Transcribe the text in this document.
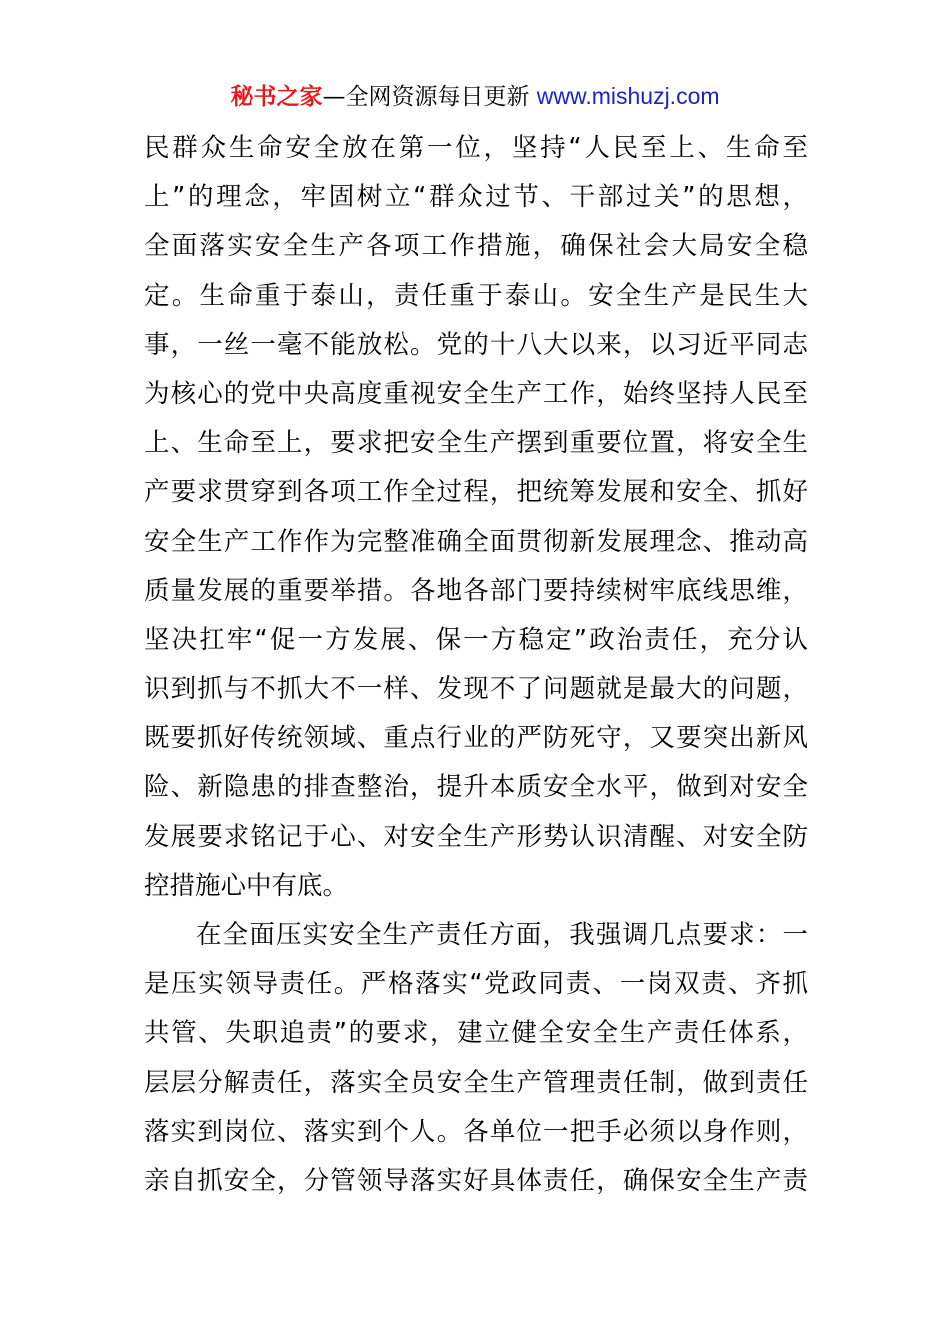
秘书之家—全网资源每日更新 www.mishuzj.com
民群众生命安全放在第一位，坚持“人民至上、生命至
上”的理念，牢固树立“群众过节、干部过关”的思想，
全面落实安全生产各项工作措施，确保社会大局安全稳
定。生命重于泰山，责任重于泰山。安全生产是民生大
事，一丝一毫不能放松。党的十八大以来，以习近平同志
为核心的党中央高度重视安全生产工作，始终坚持人民至
上、生命至上，要求把安全生产摆到重要位置，将安全生
产要求贯穿到各项工作全过程，把统筹发展和安全、抓好
安全生产工作作为完整准确全面贯彻新发展理念、推动高
质量发展的重要举措。各地各部门要持续树牢底线思维，
坚决扛牢“促一方发展、保一方稳定”政治责任，充分认
识到抓与不抓大不一样、发现不了问题就是最大的问题，
既要抓好传统领域、重点行业的严防死守，又要突出新风
险、新隐患的排查整治，提升本质安全水平，做到对安全
发展要求铭记于心、对安全生产形势认识清醒、对安全防
控措施心中有底。
在全面压实安全生产责任方面，我强调几点要求：一
是压实领导责任。严格落实“党政同责、一岗双责、齐抓
共管、失职追责”的要求，建立健全安全生产责任体系，
层层分解责任，落实全员安全生产管理责任制，做到责任
落实到岗位、落实到个人。各单位一把手必须以身作则，
亲自抓安全，分管领导落实好具体责任，确保安全生产责
